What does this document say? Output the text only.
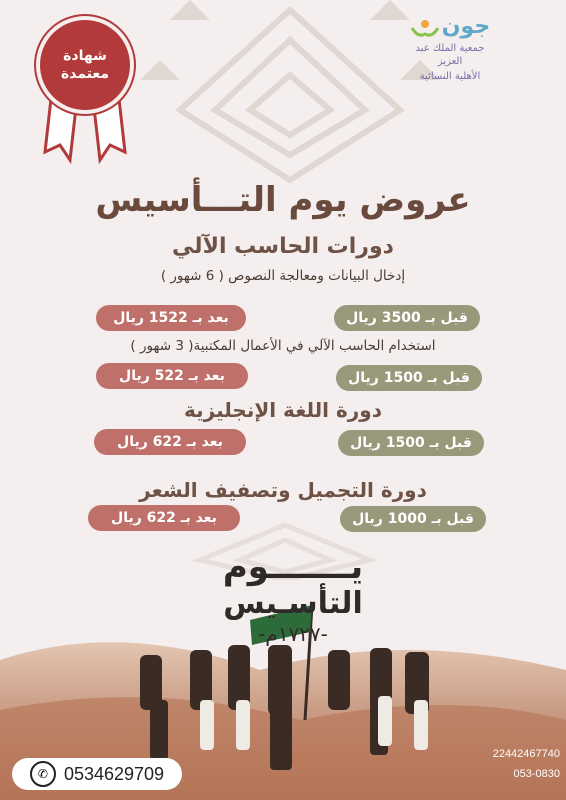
شهادة
معتمدة
جون
جمعية الملك عبد العزيز
الأهلية النسائية
عروض يوم التـــأسيس
دورات الحاسب الآلي
إدخال البيانات ومعالجة النصوص ( 6 شهور )
قبل بـ 3500 ريال
بعد بـ 1522 ريال
استخدام الحاسب الآلي في الأعمال المكتبية( 3 شهور )
قبل بـ 1500 ريال
بعد بـ 522 ريال
دورة اللغة الإنجليزية
قبل بـ 1500 ريال
بعد بـ 622 ريال
دورة التجميل وتصفيف الشعر
قبل بـ 1000 ريال
بعد بـ 622 ريال
يـــــــوم
التأسـيس
-١٧٢٧م-
✆ 0534629709
22442467740
053-0830
